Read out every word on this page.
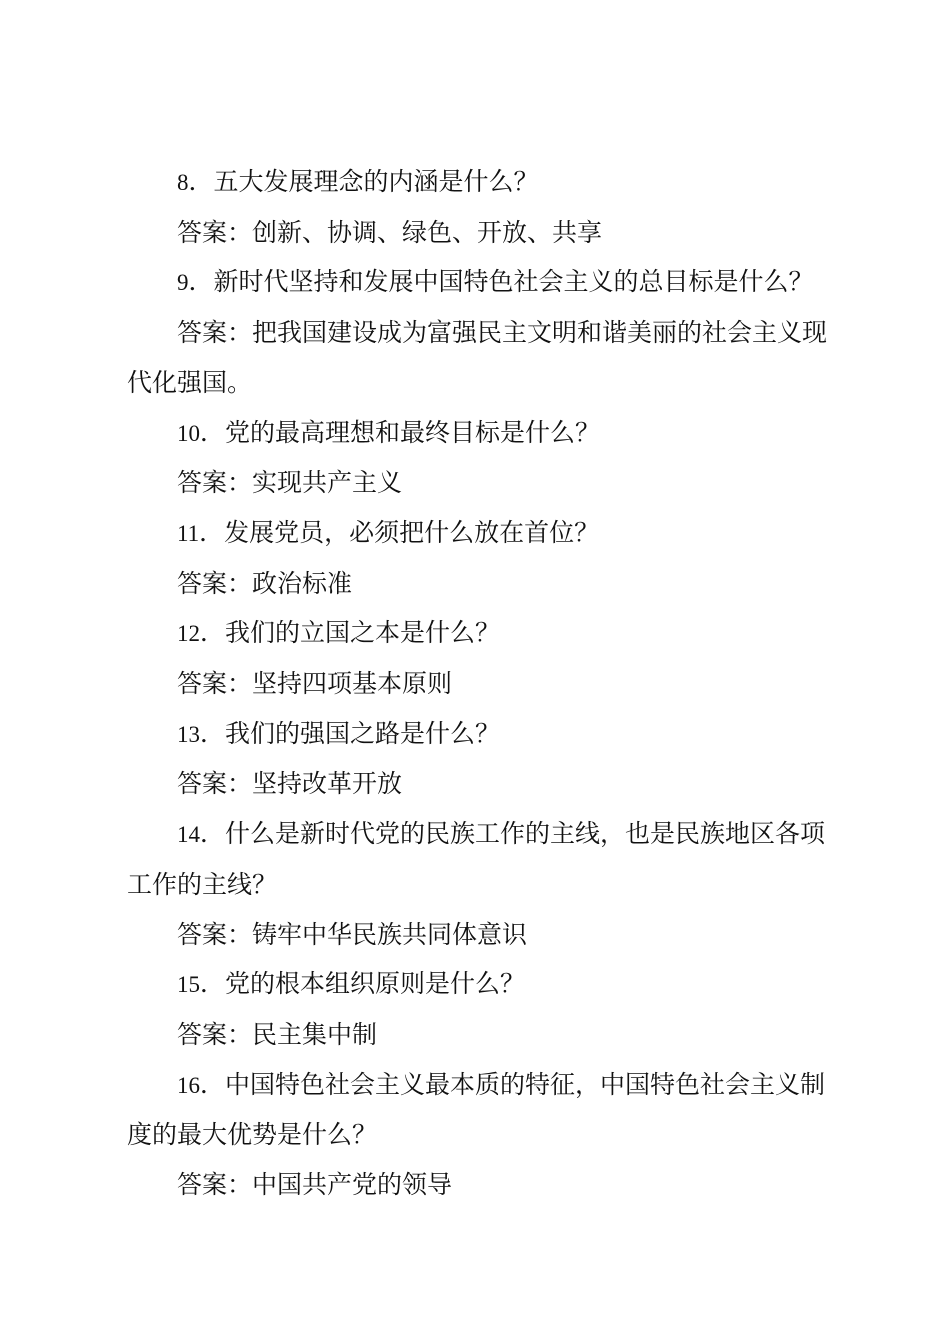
8．五大发展理念的内涵是什么？

答案：创新、协调、绿色、开放、共享

9．新时代坚持和发展中国特色社会主义的总目标是什么？

答案：把我国建设成为富强民主文明和谐美丽的社会主义现代化强国。

10．党的最高理想和最终目标是什么？

答案：实现共产主义

11．发展党员，必须把什么放在首位？

答案：政治标准

12．我们的立国之本是什么？

答案：坚持四项基本原则

13．我们的强国之路是什么？

答案：坚持改革开放

14．什么是新时代党的民族工作的主线，也是民族地区各项工作的主线？

答案：铸牢中华民族共同体意识

15．党的根本组织原则是什么？

答案：民主集中制

16．中国特色社会主义最本质的特征，中国特色社会主义制度的最大优势是什么？

答案：中国共产党的领导
